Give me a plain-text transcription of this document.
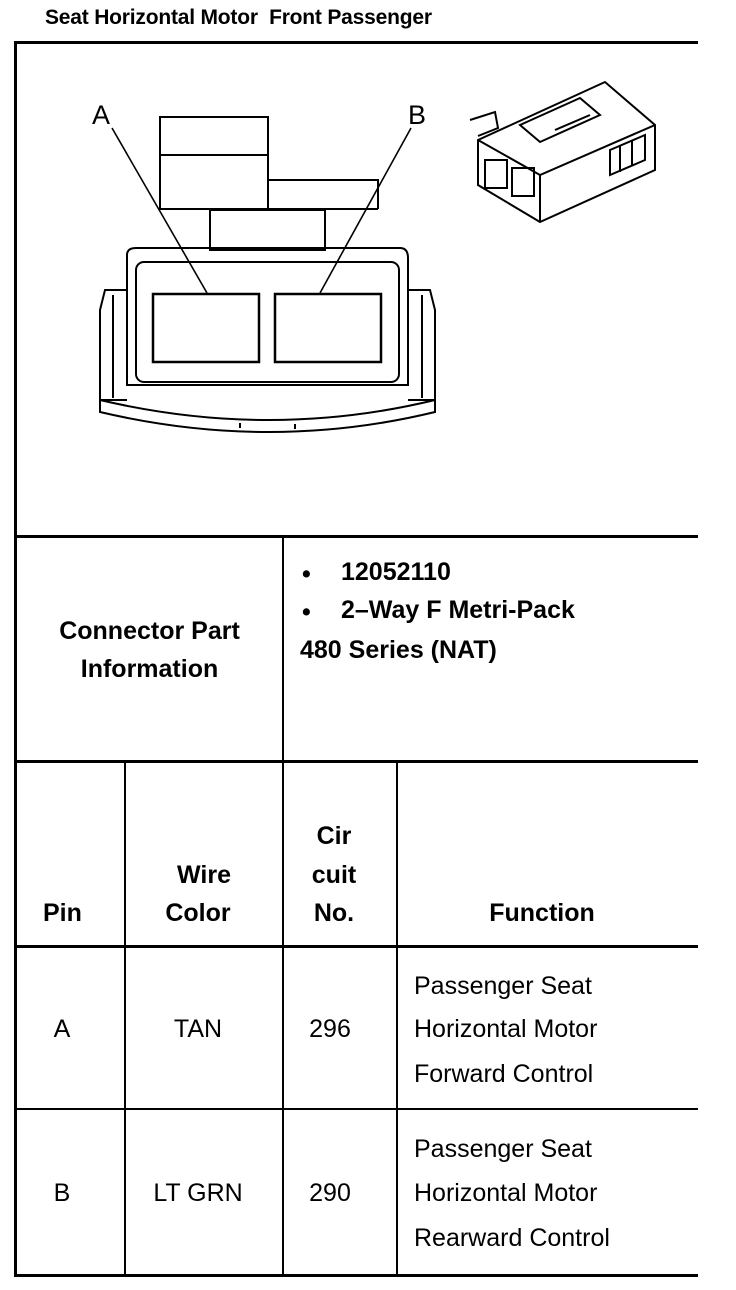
Seat Horizontal Motor  Front Passenger
A	B
Connector Part
Information
• 12052110
• 2–Way F Metri-Pack
480 Series (NAT)
Pin
Wire
Color
Cir
cuit
No.	Function
A	TAN	296
Passenger Seat
Horizontal Motor
Forward Control
B	LT GRN	290
Passenger Seat
Horizontal Motor
Rearward Control
